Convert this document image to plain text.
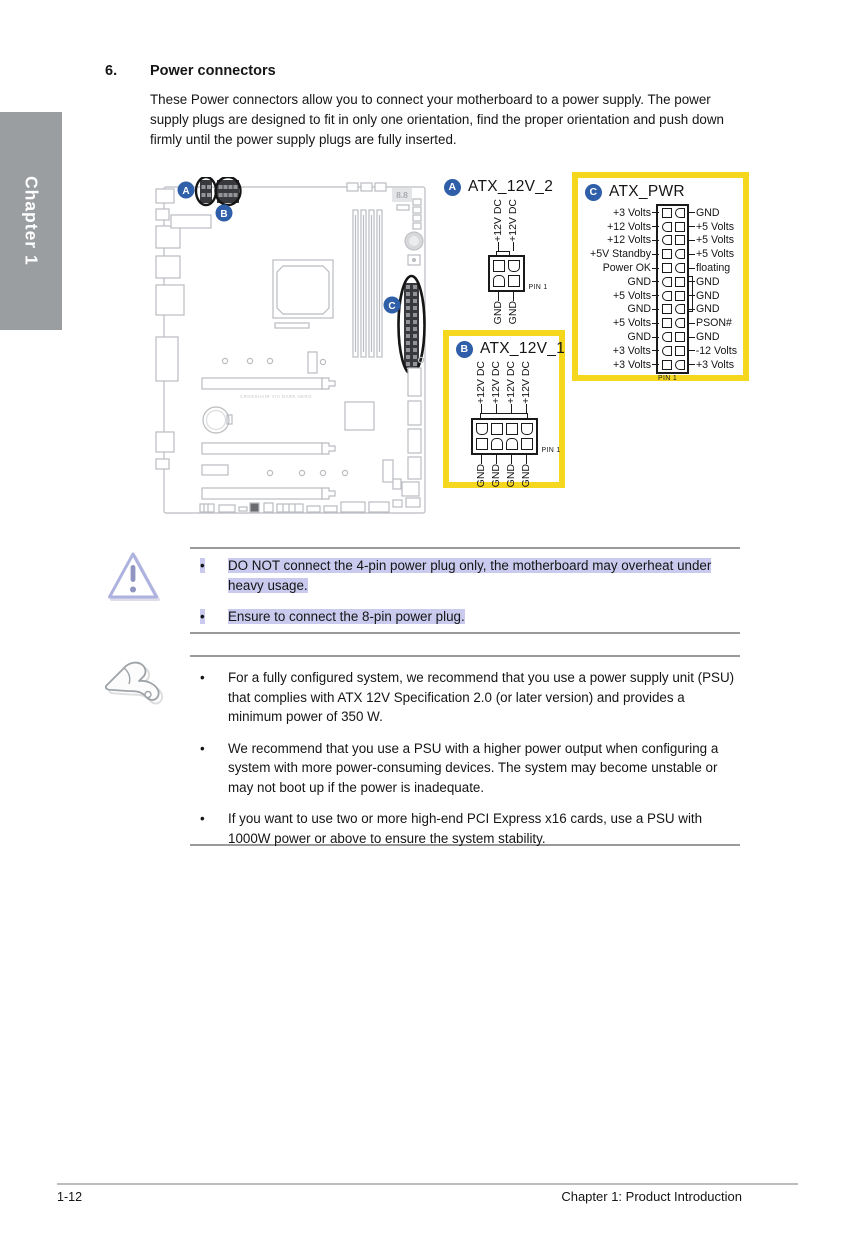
Chapter 1
6.	Power connectors
These Power connectors allow you to connect your motherboard to a power supply. The power supply plugs are designed to fit in only one orientation, find the proper orientation and push down firmly until the power supply plugs are fully inserted.
8.8
A
B
C
CROSSHAIR VIII DARK HERO
A ATX_12V_2
+12V DC +12V DC
PIN 1
GND GND
B ATX_12V_1
+12V DC +12V DC +12V DC +12V DC
PIN 1
GND GND GND GND
C ATX_PWR
+3 Volts	GND
+12 Volts	+5 Volts
+12 Volts	+5 Volts
+5V Standby	+5 Volts
Power OK	floating
GND	GND
+5 Volts	GND
GND	GND
+5 Volts	PSON#
GND	GND
+3 Volts	-12 Volts
+3 Volts	+3 Volts
PIN 1
•	DO NOT connect the 4-pin power plug only, the motherboard may overheat under heavy usage.
•	Ensure to connect the 8-pin power plug.
•	For a fully configured system, we recommend that you use a power supply unit (PSU) that complies with ATX 12V Specification 2.0 (or later version) and provides a minimum power of 350 W.
•	We recommend that you use a PSU with a higher power output when configuring a system with more power-consuming devices. The system may become unstable or may not boot up if the power is inadequate.
•	If you want to use two or more high-end PCI Express x16 cards, use a PSU with 1000W power or above to ensure the system stability.
1-12	Chapter 1: Product Introduction
